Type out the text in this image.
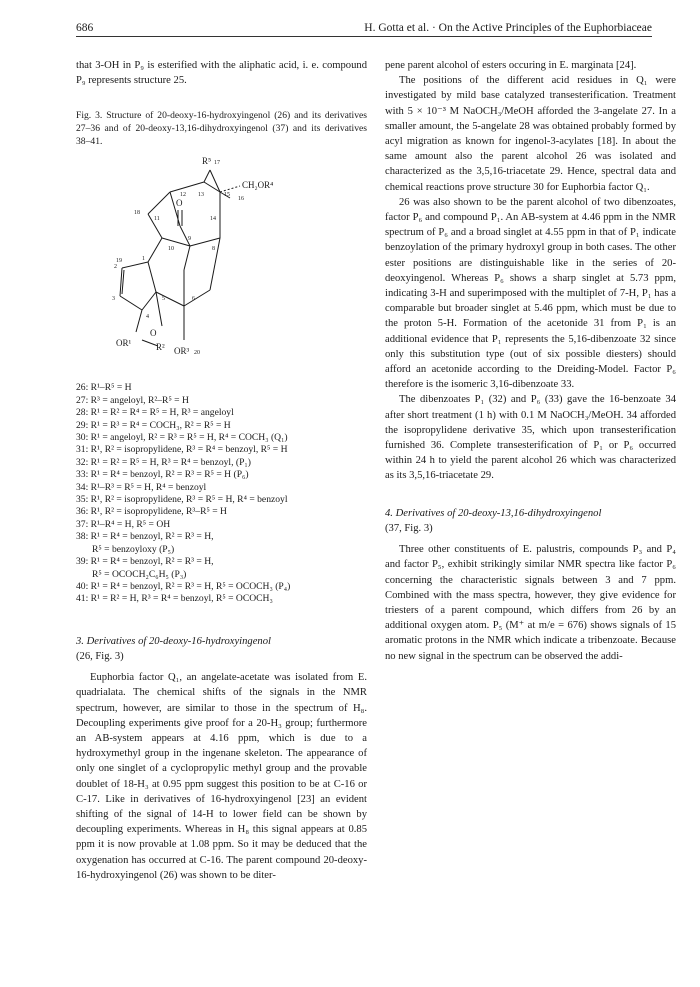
686	H. Gotta et al. · On the Active Principles of the Euphorbiaceae

that 3-OH in P₉ is esterified with the aliphatic acid, i. e. compound P₉ represents structure 25.

Fig. 3. Structure of 20-deoxy-16-hydroxyingenol (26) and its derivatives 27–36 and of 20-deoxy-13,16-dihydroxyingenol (37) and its derivatives 38–41.

R⁵
CH₂OR⁴
O
OR¹
O
R² OR³
12 13	15
16
17
18
11	14
9
10	8
1
2
3
4
5	6
20
19
26: R¹–R⁵ = H
27: R³ = angeloyl, R²–R⁵ = H
28: R¹ = R² = R⁴ = R⁵ = H, R³ = angeloyl
29: R¹ = R³ = R⁴ = COCH₃, R² = R⁵ = H
30: R¹ = angeloyl, R² = R³ = R⁵ = H, R⁴ = COCH₃ (Q₁)
31: R¹, R² = isopropylidene, R³ = R⁴ = benzoyl, R⁵ = H
32: R¹ = R² = R⁵ = H, R³ = R⁴ = benzoyl, (P₁)
33: R¹ = R⁴ = benzoyl, R² = R³ = R⁵ = H (P₆)
34: R¹–R³ = R⁵ = H, R⁴ = benzoyl
35: R¹, R² = isopropylidene, R³ = R⁵ = H, R⁴ = benzoyl
36: R¹, R² = isopropylidene, R³–R⁵ = H
37: R¹–R⁴ = H, R⁵ = OH
38: R¹ = R⁴ = benzoyl, R² = R³ = H,
R⁵ = benzoyloxy (P₅)
39: R¹ = R⁴ = benzoyl, R² = R³ = H,
R⁵ = OCOCH₂C₆H₅ (P₃)
40: R¹ = R⁴ = benzoyl, R² = R³ = H, R⁵ = OCOCH₃ (P₄)
41: R¹ = R² = H, R³ = R⁴ = benzoyl, R⁵ = OCOCH₃

3. Derivatives of 20-deoxy-16-hydroxyingenol

(26, Fig. 3)

Euphorbia factor Q₁, an angelate-acetate was isolated from E. quadrialata. The chemical shifts of the signals in the NMR spectrum, however, are similar to those in the spectrum of H₈. Decoupling experiments give proof for a 20-H₃ group; furthermore an AB-system appears at 4.16 ppm, which is due to a hydroxymethyl group in the ingenane skeleton. The appearance of only one singlet of a cyclopropylic methyl group and the provable doublet of 18-H₃ at 0.95 ppm suggest this position to be at C-16 or C-17. Like in derivatives of 16-hydroxyingenol [23] an evident shifting of the signal of 14-H to lower field can be shown by decoupling experiments. Whereas in H₈ this signal appears at 0.85 ppm it is now provable at 1.08 ppm. So it may be deduced that the oxygenation has occurred at C-16. The parent compound 20-deoxy-16-hydroxyingenol (26) was shown to be diter-

pene parent alcohol of esters occuring in E. marginata [24].

The positions of the different acid residues in Q₁ were investigated by mild base catalyzed transesterification. Treatment with 5 × 10⁻³ M NaOCH₃/MeOH afforded the 3-angelate 27. In a smaller amount, the 5-angelate 28 was obtained probably formed by acyl migration as known for ingenol-3-acylates [18]. In about the same amount also the parent alcohol 26 was isolated and characterized as the 3,5,16-triacetate 29. Hence, spectral data and chemical reactions prove structure 30 for Euphorbia factor Q₁.

26 was also shown to be the parent alcohol of two dibenzoates, factor P₆ and compound P₁. An AB-system at 4.46 ppm in the NMR spectrum of P₆ and a broad singlet at 4.55 ppm in that of P₁ indicate benzoylation of the primary hydroxyl group in both cases. The other ester positions are distinguishable like in the series of 20-deoxyingenol. Whereas P₆ shows a sharp singlet at 5.73 ppm, indicating 3-H and superimposed with the multiplet of 7-H, P₁ has a comparable but broader singlet at 5.46 ppm, which must be due to the proton 5-H. Formation of the acetonide 31 from P₁ is an additional evidence that P₁ represents the 5,16-dibenzoate 32 since only this substitution type (out of six possible diesters) should afford an acetonide according to the Dreiding-Model. Factor P₆ therefore is the isomeric 3,16-dibenzoate 33.

The dibenzoates P₁ (32) and P₆ (33) gave the 16-benzoate 34 after short treatment (1 h) with 0.1 M NaOCH₃/MeOH. 34 afforded the isopropylidene derivative 35, which upon transesterification furnished 36. Complete transesterification of P₁ or P₆ occurred within 24 h to yield the parent alcohol 26 which was characterized as its 3,5,16-triacetate 29.

4. Derivatives of 20-deoxy-13,16-dihydroxyingenol

(37, Fig. 3)

Three other constituents of E. palustris, compounds P₃ and P₄ and factor P₅, exhibit strikingly similar NMR spectra like factor P₆ concerning the characteristic signals between 3 and 7 ppm. Combined with the mass spectra, however, they give evidence for triesters of a parent compound, which differs from 26 by an additional oxygen atom. P₅ (M⁺ at m/e = 676) shows signals of 15 aromatic protons in the NMR which indicate a tribenzoate. Because no new signal in the spectrum can be observed the addi-
